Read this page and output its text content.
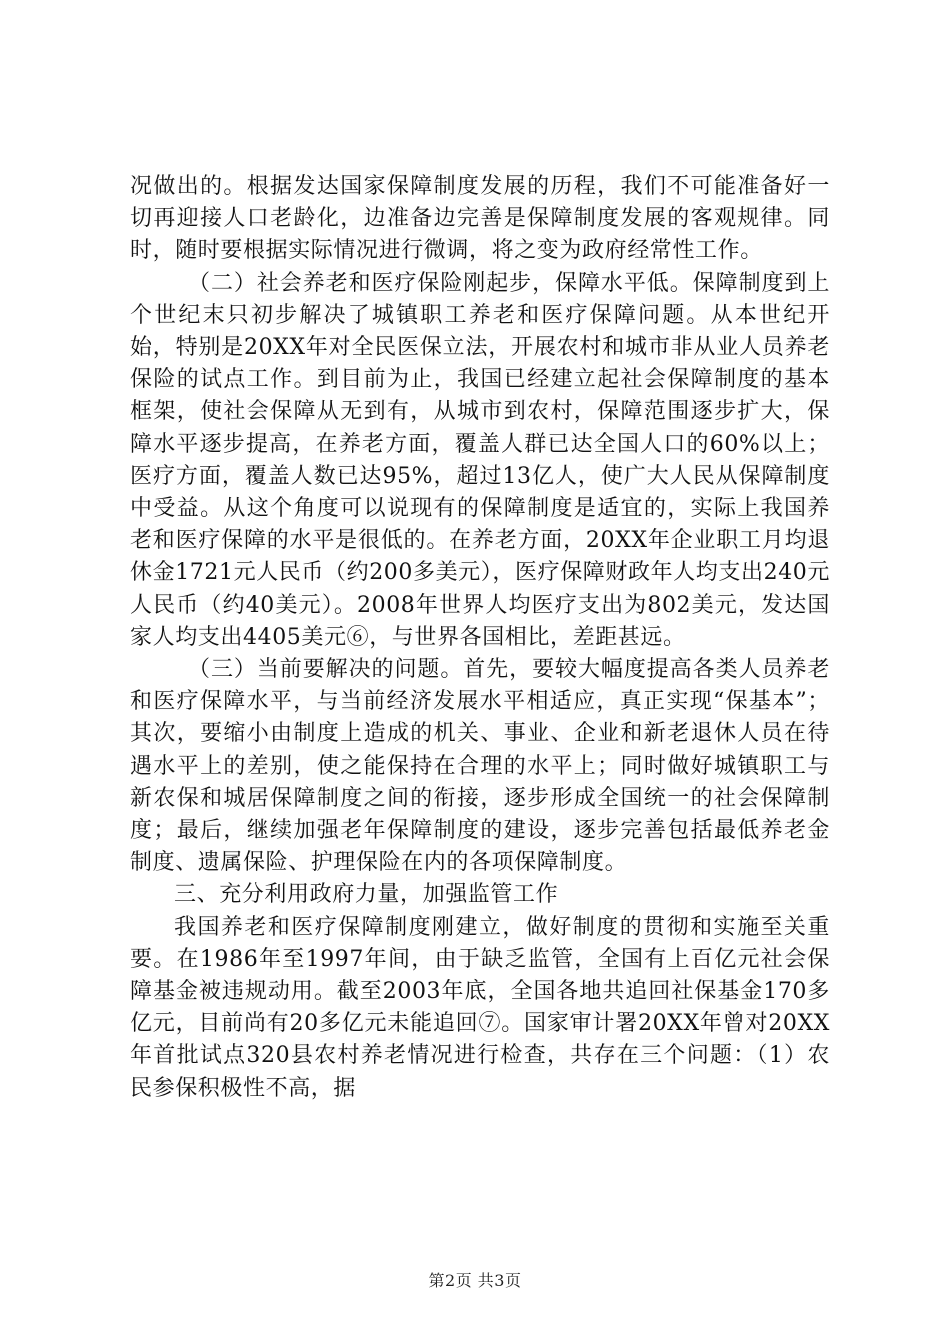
况做出的。根据发达国家保障制度发展的历程，我们不可能准备好一切再迎接人口老龄化，边准备边完善是保障制度发展的客观规律。同时，随时要根据实际情况进行微调，将之变为政府经常性工作。

（二）社会养老和医疗保险刚起步，保障水平低。保障制度到上个世纪末只初步解决了城镇职工养老和医疗保障问题。从本世纪开始，特别是20XX年对全民医保立法，开展农村和城市非从业人员养老保险的试点工作。到目前为止，我国已经建立起社会保障制度的基本框架，使社会保障从无到有，从城市到农村，保障范围逐步扩大，保障水平逐步提高，在养老方面，覆盖人群已达全国人口的60%以上；医疗方面，覆盖人数已达95%，超过13亿人，使广大人民从保障制度中受益。从这个角度可以说现有的保障制度是适宜的，实际上我国养老和医疗保障的水平是很低的。在养老方面，20XX年企业职工月均退休金1721元人民币（约200多美元），医疗保障财政年人均支出240元人民币（约40美元）。2008年世界人均医疗支出为802美元，发达国家人均支出4405美元⑥，与世界各国相比，差距甚远。

（三）当前要解决的问题。首先，要较大幅度提高各类人员养老和医疗保障水平，与当前经济发展水平相适应，真正实现“保基本”；其次，要缩小由制度上造成的机关、事业、企业和新老退休人员在待遇水平上的差别，使之能保持在合理的水平上；同时做好城镇职工与新农保和城居保障制度之间的衔接，逐步形成全国统一的社会保障制度；最后，继续加强老年保障制度的建设，逐步完善包括最低养老金制度、遗属保险、护理保险在内的各项保障制度。

三、充分利用政府力量，加强监管工作

我国养老和医疗保障制度刚建立，做好制度的贯彻和实施至关重要。在1986年至1997年间，由于缺乏监管，全国有上百亿元社会保障基金被违规动用。截至2003年底，全国各地共追回社保基金170多亿元，目前尚有20多亿元未能追回⑦。国家审计署20XX年曾对20XX年首批试点320县农村养老情况进行检查，共存在三个问题：（1）农民参保积极性不高，据

第2页 共3页
